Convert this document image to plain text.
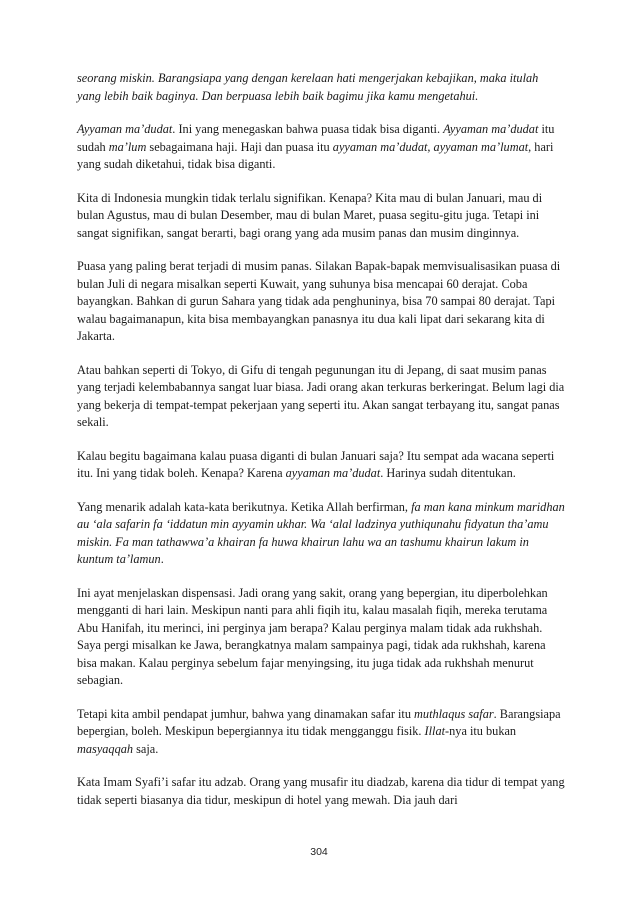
seorang miskin. Barangsiapa yang dengan kerelaan hati mengerjakan kebajikan, maka itulah yang lebih baik baginya. Dan berpuasa lebih baik bagimu jika kamu mengetahui.

Ayyaman ma’dudat. Ini yang menegaskan bahwa puasa tidak bisa diganti. Ayyaman ma’dudat itu sudah ma’lum sebagaimana haji. Haji dan puasa itu ayyaman ma’dudat, ayyaman ma’lumat, hari yang sudah diketahui, tidak bisa diganti.

Kita di Indonesia mungkin tidak terlalu signifikan. Kenapa? Kita mau di bulan Januari, mau di bulan Agustus, mau di bulan Desember, mau di bulan Maret, puasa segitu-gitu juga. Tetapi ini sangat signifikan, sangat berarti, bagi orang yang ada musim panas dan musim dinginnya.

Puasa yang paling berat terjadi di musim panas. Silakan Bapak-bapak memvisualisasikan puasa di bulan Juli di negara misalkan seperti Kuwait, yang suhunya bisa mencapai 60 derajat. Coba bayangkan. Bahkan di gurun Sahara yang tidak ada penghuninya, bisa 70 sampai 80 derajat. Tapi walau bagaimanapun, kita bisa membayangkan panasnya itu dua kali lipat dari sekarang kita di Jakarta.

Atau bahkan seperti di Tokyo, di Gifu di tengah pegunungan itu di Jepang, di saat musim panas yang terjadi kelembabannya sangat luar biasa. Jadi orang akan terkuras berkeringat. Belum lagi dia yang bekerja di tempat-tempat pekerjaan yang seperti itu. Akan sangat terbayang itu, sangat panas sekali.

Kalau begitu bagaimana kalau puasa diganti di bulan Januari saja? Itu sempat ada wacana seperti itu. Ini yang tidak boleh. Kenapa? Karena ayyaman ma’dudat. Harinya sudah ditentukan.

Yang menarik adalah kata-kata berikutnya. Ketika Allah berfirman, fa man kana minkum maridhan au ‘ala safarin fa ‘iddatun min ayyamin ukhar. Wa ‘alal ladzinya yuthiqunahu fidyatun tha’amu miskin. Fa man tathawwa’a khairan fa huwa khairun lahu wa an tashumu khairun lakum in kuntum ta’lamun.

Ini ayat menjelaskan dispensasi. Jadi orang yang sakit, orang yang bepergian, itu diperbolehkan mengganti di hari lain. Meskipun nanti para ahli fiqih itu, kalau masalah fiqih, mereka terutama Abu Hanifah, itu merinci, ini perginya jam berapa? Kalau perginya malam tidak ada rukhshah. Saya pergi misalkan ke Jawa, berangkatnya malam sampainya pagi, tidak ada rukhshah, karena bisa makan. Kalau perginya sebelum fajar menyingsing, itu juga tidak ada rukhshah menurut sebagian.

Tetapi kita ambil pendapat jumhur, bahwa yang dinamakan safar itu muthlaqus safar. Barangsiapa bepergian, boleh. Meskipun bepergiannya itu tidak mengganggu fisik. Illat-nya itu bukan masyaqqah saja.

Kata Imam Syafi’i safar itu adzab. Orang yang musafir itu diadzab, karena dia tidur di tempat yang tidak seperti biasanya dia tidur, meskipun di hotel yang mewah. Dia jauh dari

304
